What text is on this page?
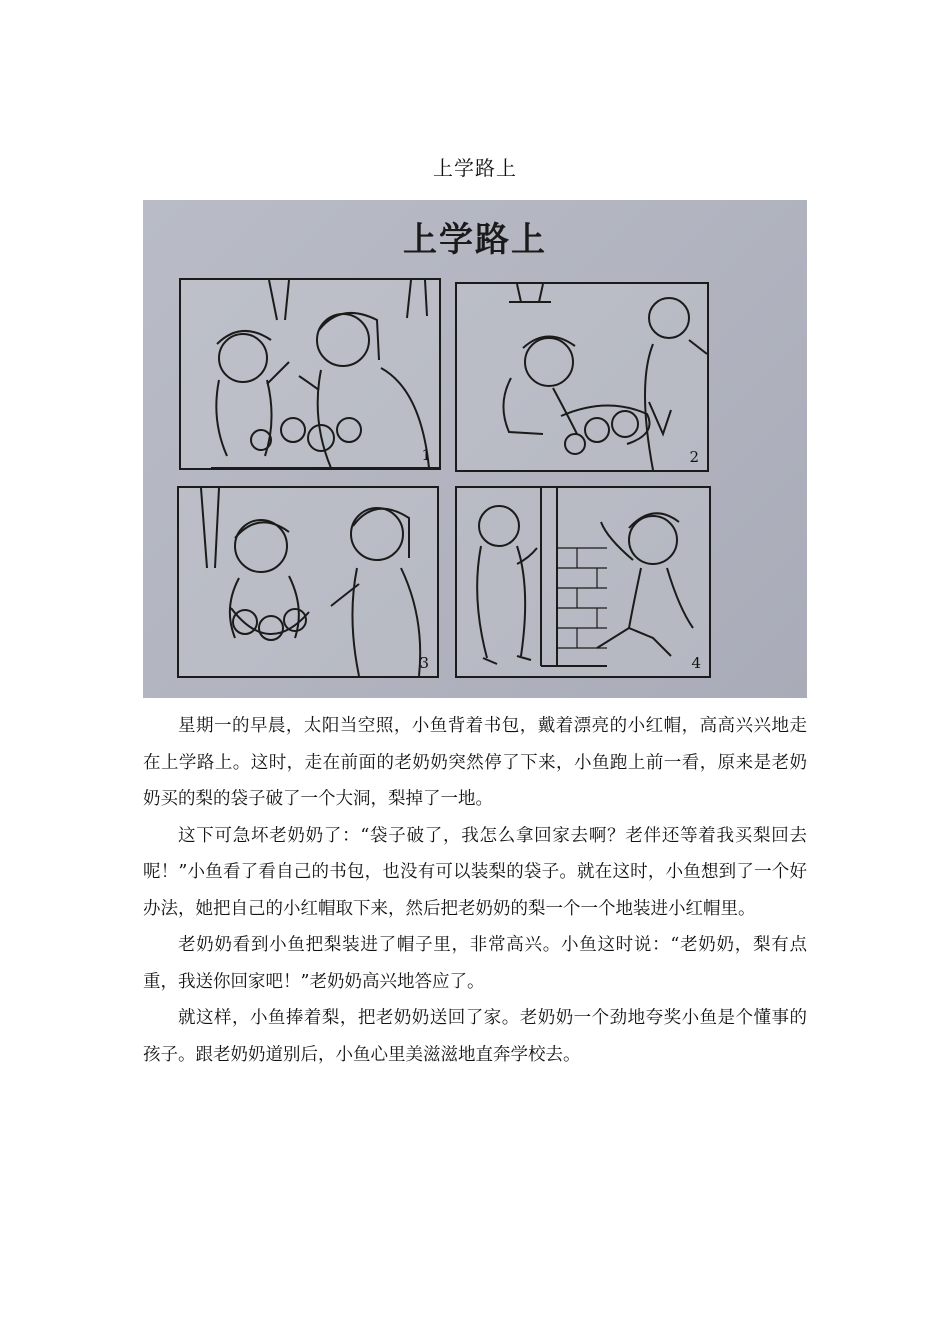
上学路上
上学路上
1	2
3	4

星期一的早晨，太阳当空照，小鱼背着书包，戴着漂亮的小红帽，高高兴兴地走在上学路上。这时，走在前面的老奶奶突然停了下来，小鱼跑上前一看，原来是老奶奶买的梨的袋子破了一个大洞，梨掉了一地。

这下可急坏老奶奶了：“袋子破了，我怎么拿回家去啊？老伴还等着我买梨回去呢！”小鱼看了看自己的书包，也没有可以装梨的袋子。就在这时，小鱼想到了一个好办法，她把自己的小红帽取下来，然后把老奶奶的梨一个一个地装进小红帽里。

老奶奶看到小鱼把梨装进了帽子里，非常高兴。小鱼这时说：“老奶奶，梨有点重，我送你回家吧！”老奶奶高兴地答应了。

就这样，小鱼捧着梨，把老奶奶送回了家。老奶奶一个劲地夸奖小鱼是个懂事的孩子。跟老奶奶道别后，小鱼心里美滋滋地直奔学校去。
